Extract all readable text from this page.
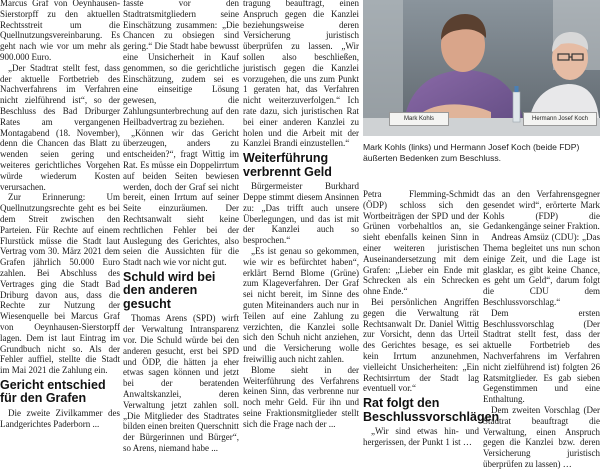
Marcus Graf von Oeynhausen-Sierstorpff zu den aktuellen Rechtsstreit um die Quellnutzungsvereinbarung. Es geht nach wie vor um mehr als 900.000 Euro.

„Der Stadtrat stellt fest, dass der aktuelle Fortbetrieb des Nachverfahrens im Verfahren nicht zielführend ist“, so der Beschluss des Bad Driburger Rates am vergangenen Montagabend (18. November), denn die Chancen das Blatt zu wenden seien gering und weiteres gerichtliches Vorgehen würde wiederum Kosten verursachen.

Zur Erinnerung: Um Quellnutzungsrechte geht es bei dem Streit zwischen den Parteien. Für Rechte auf einem Flurstück müsse die Stadt laut Vertrag vom 30. März 2021 dem Grafen jährlich 50.000 Euro zahlen. Bei Abschluss des Vertrages ging die Stadt Bad Driburg davon aus, dass die Rechte zur Nutzung der Wiesenquelle bei Marcus Graf von Oeynhausen-Sierstorpff lagen. Dem ist laut Eintrag im Grundbuch nicht so. Als der Fehler auffiel, stellte die Stadt im Mai 2021 die Zahlung ein.

Gericht entschied für den Grafen

Die zweite Zivilkammer des Landgerichtes Paderborn ...

fasste vor den Stadtratsmitgliedern seine Einschätzung zusammen: „Die Chancen zu obsiegen sind gering.“ Die Stadt habe bewusst eine Unsicherheit in Kauf genommen, so die gerichtliche Einschätzung, zudem sei es eine einseitige Lösung gewesen, die Zahlungsunterbrechung auf den Heilbadvertrag zu beziehen.

„Können wir das Gericht überzeugen, anders zu entscheiden?“, fragt Wittig im Rat. Es müsse ein Doppelirrtum auf beiden Seiten bewiesen werden, doch der Graf sei nicht bereit, einen Irrtum auf seiner Seite einzuräumen. Der Rechtsanwalt sieht keine rechtlichen Fehler bei der Auslegung des Gerichtes, also seien die Aussichten für die Stadt nach wie vor nicht gut.

Schuld wird bei den anderen gesucht

Thomas Arens (SPD) wirft der Verwaltung Intransparenz vor. Die Schuld würde bei den anderen gesucht, erst bei SPD und ÖDP, die hätten ja eher etwas sagen können und jetzt bei der beratenden Anwaltskanzlei, deren Verwaltung jetzt zahlen soll. „Die Mitglieder des Stadtrates bilden einen breiten Querschnitt der Bürgerinnen und Bürger“, so Arens, niemand habe ...

tragung beauftragt, einen Anspruch gegen die Kanzlei beziehungsweise deren Versicherung juristisch überprüfen zu lassen. „Wir sollen also beschließen, juristisch gegen die Kanzlei vorzugehen, die uns zum Punkt 1 geraten hat, das Verfahren nicht weiterzuverfolgen.“ Ich rate dazu, sich juristischen Rat bei einer anderen Kanzlei zu holen und die Arbeit mit der Kanzlei Brandi einzustellen.“

Weiterführung verbrennt Geld

Bürgermeister Burkhard Deppe stimmt diesem Ansinnen zu: „Das trifft auch unsere Überlegungen, und das ist mit der Kanzlei auch so besprochen.“

„Es ist genau so gekommen, wie wir es befürchtet haben“, erklärt Bernd Blome (Grüne) zum Klageverfahren. Der Graf sei nicht bereit, im Sinne des guten Miteinanders auch nur in Teilen auf eine Zahlung zu verzichten, die Kanzlei solle sich den Schuh nicht anziehen, und die Versicherung wolle freiwillig auch nicht zahlen.

Blome sieht in der Weiterführung des Verfahrens keinen Sinn, das verbrenne nur noch mehr Geld. Für ihn und seine Fraktionsmitglieder stellt sich die Frage nach der ...

Mark Kohls	Hermann Josef Koch
Mark Kohls (links) und Hermann Josef Koch (beide FDP) äußerten Bedenken zum Beschluss.

Petra Flemming-Schmidt (ÖDP) schloss sich den Wortbeiträgen der SPD und der Grünen vorbehaltlos an, sie sieht ebenfalls keinen Sinn in einer weiteren juristischen Auseinandersetzung mit dem Grafen: „Lieber ein Ende mit Schrecken als ein Schrecken ohne Ende.“

Bei persönlichen Angriffen gegen die Verwaltung rät Rechtsanwalt Dr. Daniel Wittig zur Vorsicht, denn das Urteil des Gerichtes besage, es sei kein Irrtum anzunehmen, vielleicht Unsicherheiten: „Ein Rechtsirrtum der Stadt lag eventuell vor.“

Rat folgt den Beschlussvorschlägen

„Wir sind etwas hin- und hergerissen, der Punkt 1 ist …

das an den Verfahrensgegner gesendet wird“, erörterte Mark Kohls (FDP) die Gedankengänge seiner Fraktion.

Andreas Amsüz (CDU): „Das Thema begleitet uns nun schon einige Zeit, und die Lage ist glasklar, es gibt keine Chance, es geht um Geld“, darum folgt die CDU dem Beschlussvorschlag.“

Dem ersten Beschlussvorschlag (Der Stadtrat stellt fest, dass der aktuelle Fortbetrieb des Nachverfahrens im Verfahren nicht zielführend ist) folgten 26 Ratsmitglieder. Es gab sieben Gegenstimmen und eine Enthaltung.

Dem zweiten Vorschlag (Der Stadtrat beauftragt die Verwaltung, einen Anspruch gegen die Kanzlei bzw. deren Versicherung juristisch überprüfen zu lassen) …
